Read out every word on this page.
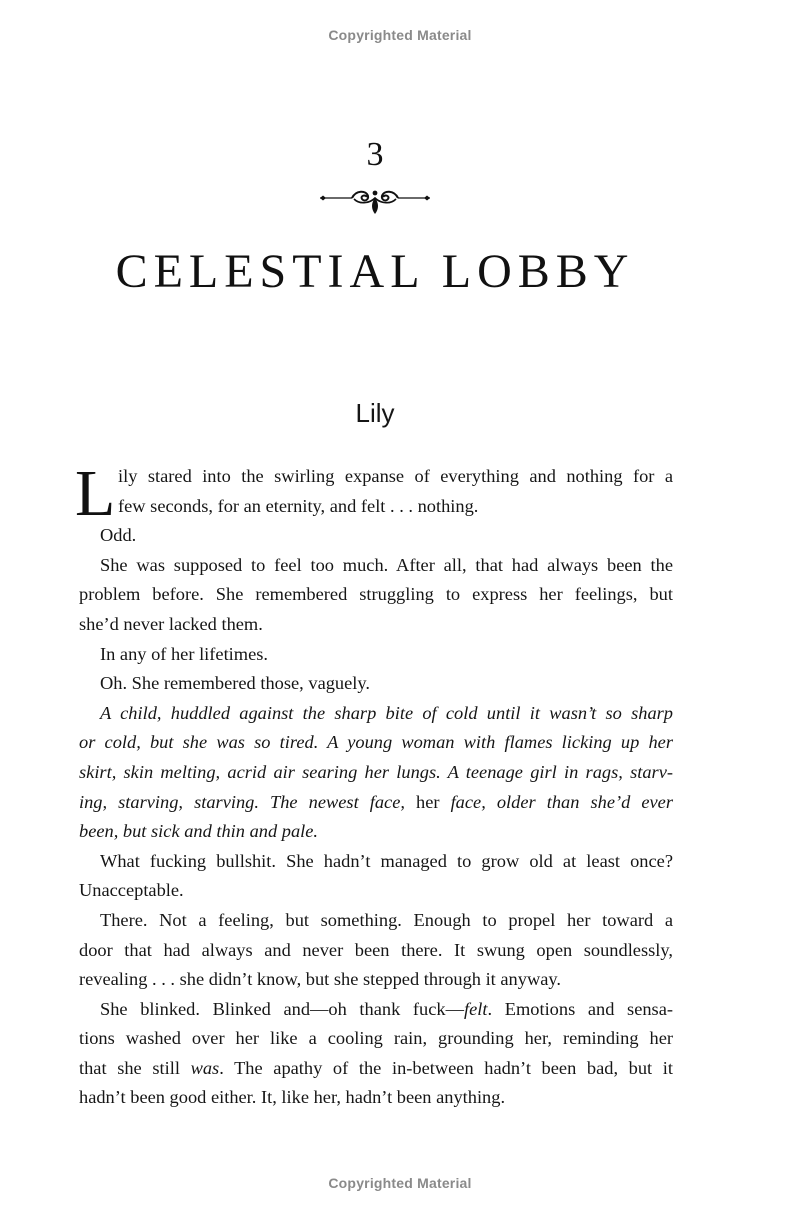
Copyrighted Material
3
CELESTIAL LOBBY
Lily
L ily stared into the swirling expanse of everything and nothing for a
few seconds, for an eternity, and felt . . . nothing.
Odd.
She was supposed to feel too much. After all, that had always been the
problem before. She remembered struggling to express her feelings, but
she’d never lacked them.
In any of her lifetimes.
Oh. She remembered those, vaguely.
A child, huddled against the sharp bite of cold until it wasn’t so sharp
or cold, but she was so tired. A young woman with flames licking up her
skirt, skin melting, acrid air searing her lungs. A teenage girl in rags, starv-
ing, starving, starving. The newest face, her face, older than she’d ever
been, but sick and thin and pale.
What fucking bullshit. She hadn’t managed to grow old at least once?
Unacceptable.
There. Not a feeling, but something. Enough to propel her toward a
door that had always and never been there. It swung open soundlessly,
revealing . . . she didn’t know, but she stepped through it anyway.
She blinked. Blinked and—oh thank fuck—felt. Emotions and sensa-
tions washed over her like a cooling rain, grounding her, reminding her
that she still was. The apathy of the in-between hadn’t been bad, but it
hadn’t been good either. It, like her, hadn’t been anything.
Copyrighted Material
